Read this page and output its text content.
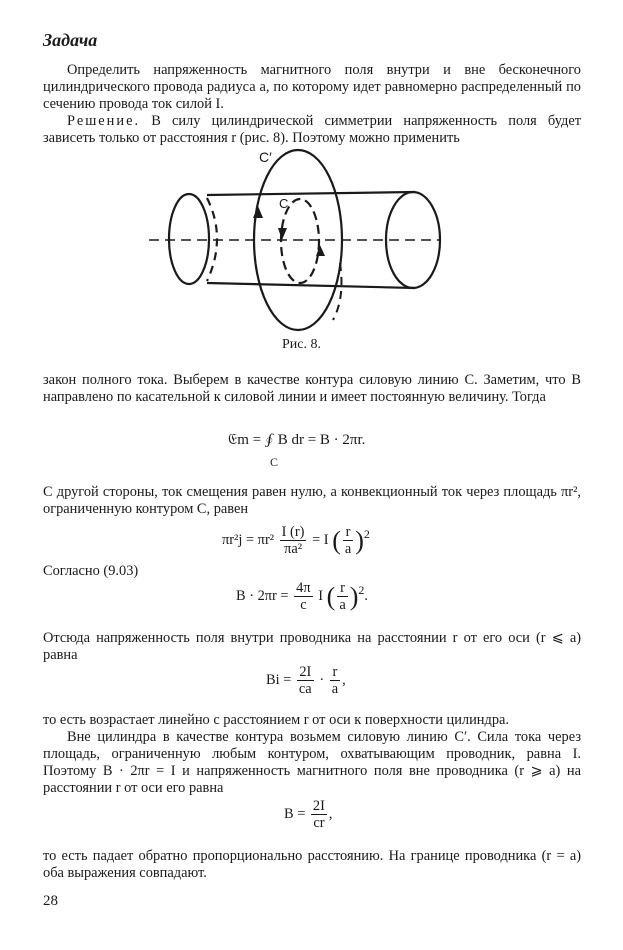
Задача
Определить напряженность магнитного поля внутри и вне бесконечного цилиндрического провода радиуса a, по которому идет равномерно распределенный по сечению провода ток силой I.
Решение. В силу цилиндрической симметрии напряженность поля будет зависеть только от расстояния r (рис. 8). Поэтому можно применить
C′
C
Рис. 8.
закон полного тока. Выберем в качестве контура силовую линию C. Заметим, что B направлено по касательной к силовой линии и имеет постоянную величину. Тогда
𝔈m = ∮ B dr = B · 2πr.
C
С другой стороны, ток смещения равен нулю, а конвекционный ток через площадь πr², ограниченную контуром C, равен
$\pi r^2j = \pi r^2 \frac{I (r)}{\text{πa²}} = I$ ( $\frac{r}{a} )^2$
Согласно (9.03)
$B \cdot 2\pi r = \frac{4\pi}{c}$ I ( $\frac{r}{a} )^2$.
Отсюда напряженность поля внутри проводника на расстоянии r от его оси (r ⩽ a) равна
$Bi = \frac{2I}{ca} \cdot \frac{r}{a}$ ,
то есть возрастает линейно с расстоянием r от оси к поверхности цилиндра.
Вне цилиндра в качестве контура возьмем силовую линию C′. Сила тока через площадь, ограниченную любым контуром, охватывающим проводник, равна I. Поэтому B · 2πr = I и напряженность магнитного поля вне проводника (r ⩾ a) на расстоянии r от оси его равна
$B = \frac{2I}{cr}$ ,
то есть падает обратно пропорционально расстоянию. На границе проводника (r = a) оба выражения совпадают.
28
